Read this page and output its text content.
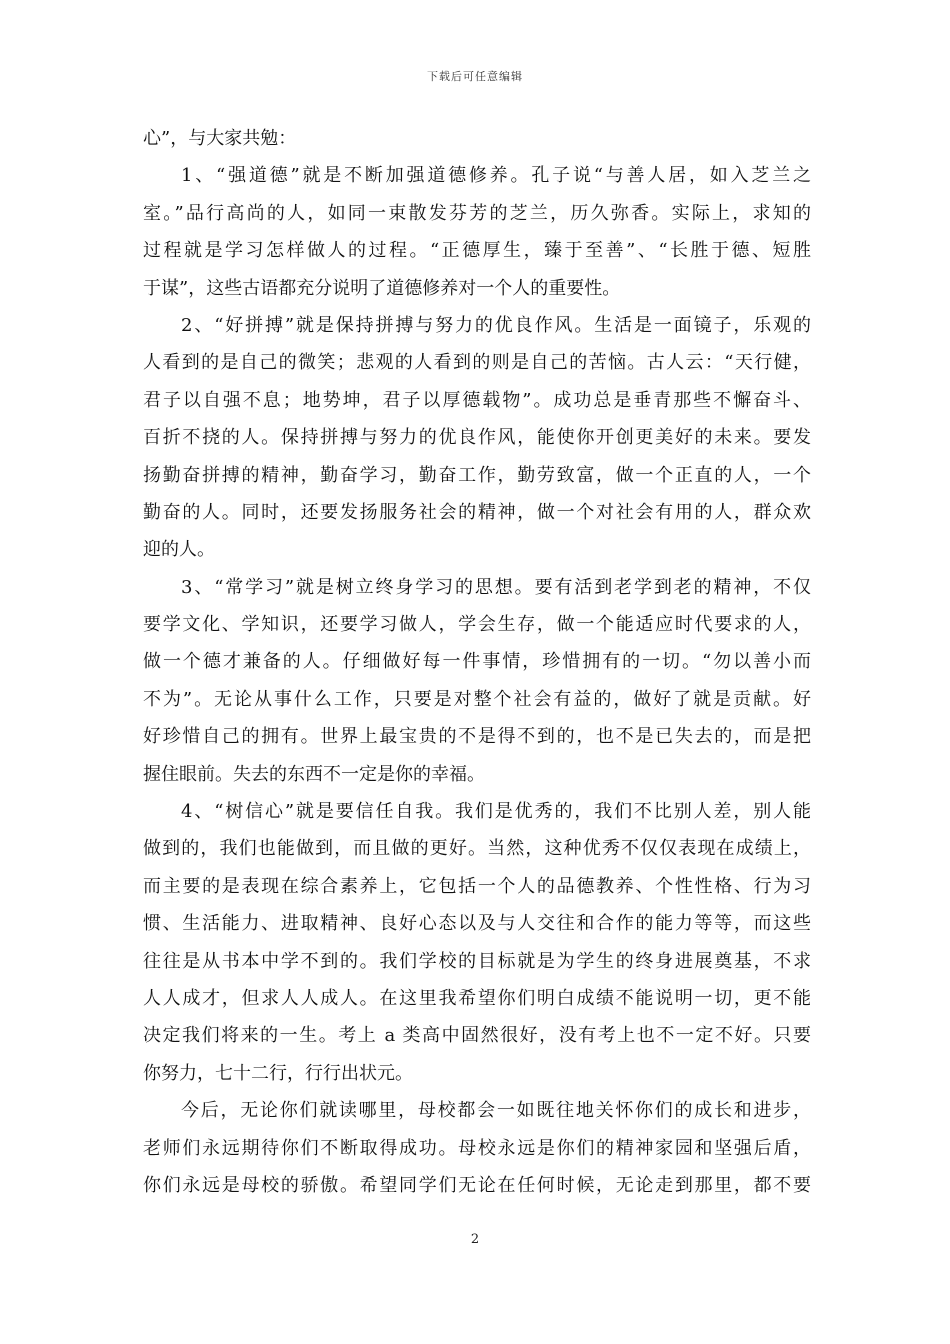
下载后可任意编辑
心”，与大家共勉：
1、“强道德”就是不断加强道德修养。孔子说“与善人居，如入芝兰之
室。”品行高尚的人，如同一束散发芬芳的芝兰，历久弥香。实际上，求知的
过程就是学习怎样做人的过程。“正德厚生，臻于至善”、“长胜于德、短胜
于谋”，这些古语都充分说明了道德修养对一个人的重要性。
2、“好拼搏”就是保持拼搏与努力的优良作风。生活是一面镜子，乐观的
人看到的是自己的微笑；悲观的人看到的则是自己的苦恼。古人云：“天行健，
君子以自强不息；地势坤，君子以厚德载物”。成功总是垂青那些不懈奋斗、
百折不挠的人。保持拼搏与努力的优良作风，能使你开创更美好的未来。要发
扬勤奋拼搏的精神，勤奋学习，勤奋工作，勤劳致富，做一个正直的人，一个
勤奋的人。同时，还要发扬服务社会的精神，做一个对社会有用的人，群众欢
迎的人。
3、“常学习”就是树立终身学习的思想。要有活到老学到老的精神，不仅
要学文化、学知识，还要学习做人，学会生存，做一个能适应时代要求的人，
做一个德才兼备的人。仔细做好每一件事情，珍惜拥有的一切。“勿以善小而
不为”。无论从事什么工作，只要是对整个社会有益的，做好了就是贡献。好
好珍惜自己的拥有。世界上最宝贵的不是得不到的，也不是已失去的，而是把
握住眼前。失去的东西不一定是你的幸福。
4、“树信心”就是要信任自我。我们是优秀的，我们不比别人差，别人能
做到的，我们也能做到，而且做的更好。当然，这种优秀不仅仅表现在成绩上，
而主要的是表现在综合素养上，它包括一个人的品德教养、个性性格、行为习
惯、生活能力、进取精神、良好心态以及与人交往和合作的能力等等，而这些
往往是从书本中学不到的。我们学校的目标就是为学生的终身进展奠基，不求
人人成才，但求人人成人。在这里我希望你们明白成绩不能说明一切，更不能
决定我们将来的一生。考上 a 类高中固然很好，没有考上也不一定不好。只要
你努力，七十二行，行行出状元。
今后，无论你们就读哪里，母校都会一如既往地关怀你们的成长和进步，
老师们永远期待你们不断取得成功。母校永远是你们的精神家园和坚强后盾，
你们永远是母校的骄傲。希望同学们无论在任何时候，无论走到那里，都不要
2
